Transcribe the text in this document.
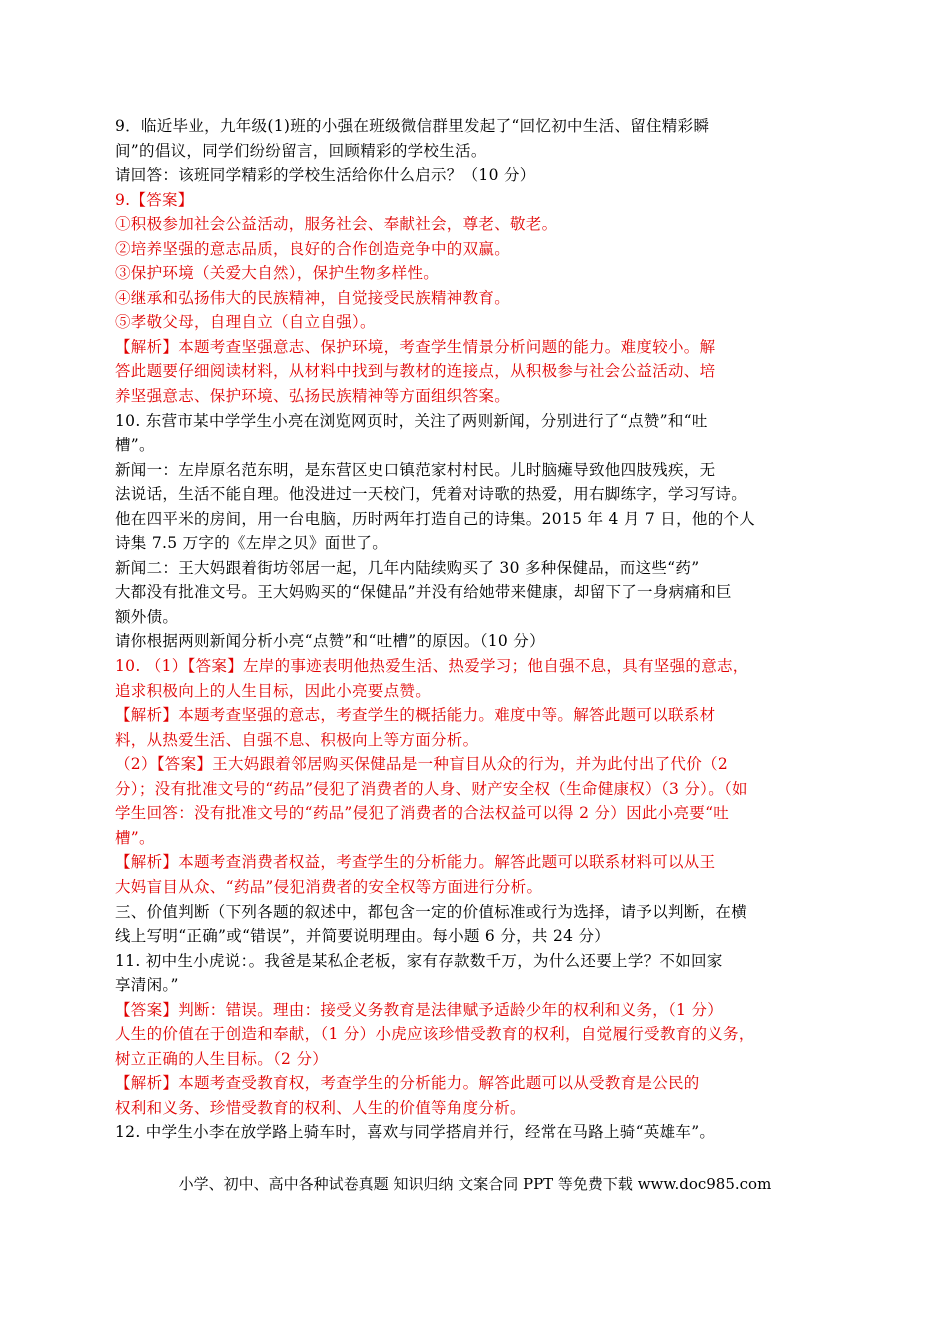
9．临近毕业，九年级(1)班的小强在班级微信群里发起了“回忆初中生活、留住精彩瞬
间”的倡议，同学们纷纷留言，回顾精彩的学校生活。
请回答：该班同学精彩的学校生活给你什么启示？（10 分）
9.【答案】
①积极参加社会公益活动，服务社会、奉献社会，尊老、敬老。
②培养坚强的意志品质，良好的合作创造竞争中的双赢。
③保护环境（关爱大自然），保护生物多样性。
④继承和弘扬伟大的民族精神，自觉接受民族精神教育。
⑤孝敬父母，自理自立（自立自强）。
【解析】本题考查坚强意志、保护环境，考查学生情景分析问题的能力。难度较小。解
答此题要仔细阅读材料，从材料中找到与教材的连接点，从积极参与社会公益活动、培
养坚强意志、保护环境、弘扬民族精神等方面组织答案。
10. 东营市某中学学生小亮在浏览网页时，关注了两则新闻，分别进行了“点赞”和“吐
槽”。
新闻一：左岸原名范东明，是东营区史口镇范家村村民。儿时脑瘫导致他四肢残疾，无
法说话，生活不能自理。他没进过一天校门，凭着对诗歌的热爱，用右脚练字，学习写诗。
他在四平米的房间，用一台电脑，历时两年打造自己的诗集。2015 年 4 月 7 日，他的个人
诗集 7.5 万字的《左岸之贝》面世了。
新闻二：王大妈跟着街坊邻居一起，几年内陆续购买了 30 多种保健品，而这些“药”
大都没有批准文号。王大妈购买的“保健品”并没有给她带来健康，却留下了一身病痛和巨
额外债。
请你根据两则新闻分析小亮“点赞”和“吐槽”的原因。（10 分）
10. （1）【答案】左岸的事迹表明他热爱生活、热爱学习；他自强不息，具有坚强的意志，
追求积极向上的人生目标，因此小亮要点赞。
【解析】本题考查坚强的意志，考查学生的概括能力。难度中等。解答此题可以联系材
料，从热爱生活、自强不息、积极向上等方面分析。
（2）【答案】王大妈跟着邻居购买保健品是一种盲目从众的行为，并为此付出了代价（2
分）；没有批准文号的“药品”侵犯了消费者的人身、财产安全权（生命健康权）（3 分）。（如
学生回答：没有批准文号的“药品”侵犯了消费者的合法权益可以得 2 分）因此小亮要“吐
槽”。
【解析】本题考查消费者权益，考查学生的分析能力。解答此题可以联系材料可以从王
大妈盲目从众、“药品”侵犯消费者的安全权等方面进行分析。
三、价值判断（下列各题的叙述中，都包含一定的价值标准或行为选择，请予以判断，在横
线上写明“正确”或“错误”，并简要说明理由。每小题 6 分，共 24 分）
11. 初中生小虎说：。我爸是某私企老板，家有存款数千万，为什么还要上学？不如回家
享清闲。”
【答案】判断：错误。理由：接受义务教育是法律赋予适龄少年的权利和义务，（1 分）
人生的价值在于创造和奉献，（1 分）小虎应该珍惜受教育的权利，自觉履行受教育的义务，
树立正确的人生目标。（2 分）
【解析】本题考查受教育权，考查学生的分析能力。解答此题可以从受教育是公民的
权利和义务、珍惜受教育的权利、人生的价值等角度分析。
12. 中学生小李在放学路上骑车时，喜欢与同学搭肩并行，经常在马路上骑“英雄车”。
小学、初中、高中各种试卷真题 知识归纳 文案合同 PPT 等免费下载 www.doc985.com
